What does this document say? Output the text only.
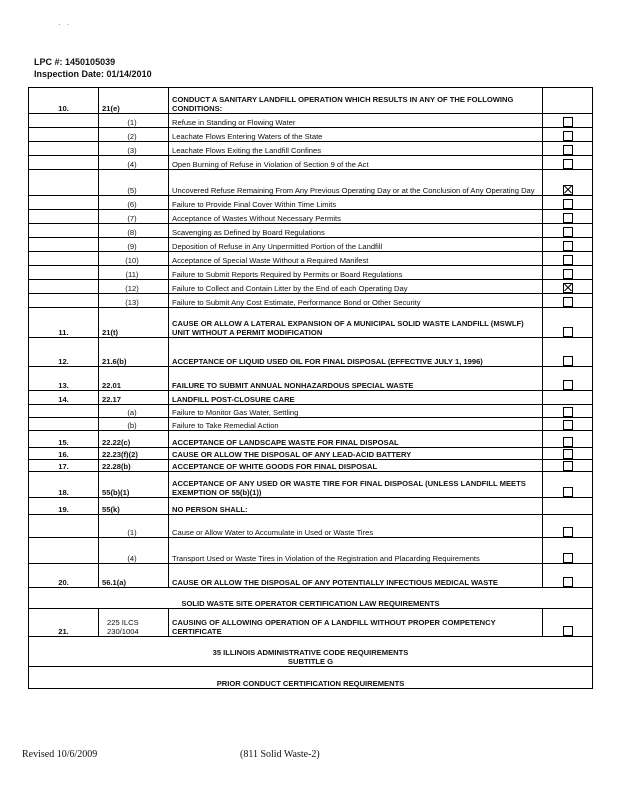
· ·
LPC #: 1450105039
Inspection Date: 01/14/2010
10.	21(e)	CONDUCT A SANITARY LANDFILL OPERATION WHICH RESULTS IN ANY OF THE FOLLOWING CONDITIONS:	
	(1)	Refuse in Standing or Flowing Water	
	(2)	Leachate Flows Entering Waters of the State	
	(3)	Leachate Flows Exiting the Landfill Confines	
	(4)	Open Burning of Refuse in Violation of Section 9 of the Act	
	(5)	Uncovered Refuse Remaining From Any Previous Operating Day or at the Conclusion of Any Operating Day	
	(6)	Failure to Provide Final Cover Within Time Limits	
	(7)	Acceptance of Wastes Without Necessary Permits	
	(8)	Scavenging as Defined by Board Regulations	
	(9)	Deposition of Refuse in Any Unpermitted Portion of the Landfill	
	(10)	Acceptance of Special Waste Without a Required Manifest	
	(11)	Failure to Submit Reports Required by Permits or Board Regulations	
	(12)	Failure to Collect and Contain Litter by the End of each Operating Day	
	(13)	Failure to Submit Any Cost Estimate, Performance Bond or Other Security	
11.	21(t)	CAUSE OR ALLOW A LATERAL EXPANSION OF A MUNICIPAL SOLID WASTE LANDFILL (MSWLF) UNIT WITHOUT A PERMIT MODIFICATION	
12.	21.6(b)	ACCEPTANCE OF LIQUID USED OIL FOR FINAL DISPOSAL (EFFECTIVE JULY 1, 1996)	
13.	22.01	FAILURE TO SUBMIT ANNUAL NONHAZARDOUS SPECIAL WASTE	
14.	22.17	LANDFILL POST-CLOSURE CARE	
	(a)	Failure to Monitor Gas Water, Settling	
	(b)	Failure to Take Remedial Action	
15.	22.22(c)	ACCEPTANCE OF LANDSCAPE WASTE FOR FINAL DISPOSAL	
16.	22.23(f)(2)	CAUSE OR ALLOW THE DISPOSAL OF ANY LEAD-ACID BATTERY	
17.	22.28(b)	ACCEPTANCE OF WHITE GOODS FOR FINAL DISPOSAL	
18.	55(b)(1)	ACCEPTANCE OF ANY USED OR WASTE TIRE FOR FINAL DISPOSAL (UNLESS LANDFILL MEETS EXEMPTION OF 55(b)(1))	
19.	55(k)	NO PERSON SHALL:	
	(1)	Cause or Allow Water to Accumulate in Used or Waste Tires	
	(4)	Transport Used or Waste Tires in Violation of the Registration and Placarding Requirements	
20.	56.1(a)	CAUSE OR ALLOW THE DISPOSAL OF ANY POTENTIALLY INFECTIOUS MEDICAL WASTE	
SOLID WASTE SITE OPERATOR CERTIFICATION LAW REQUIREMENTS			
21.	225 ILCS
230/1004	CAUSING OF ALLOWING OPERATION OF A LANDFILL WITHOUT PROPER COMPETENCY CERTIFICATE	

35 ILLINOIS ADMINISTRATIVE CODE REQUIREMENTS
SUBTITLE G			

PRIOR CONDUCT CERTIFICATION REQUIREMENTS			
Revised 10/6/2009	(811 Solid Waste-2)
